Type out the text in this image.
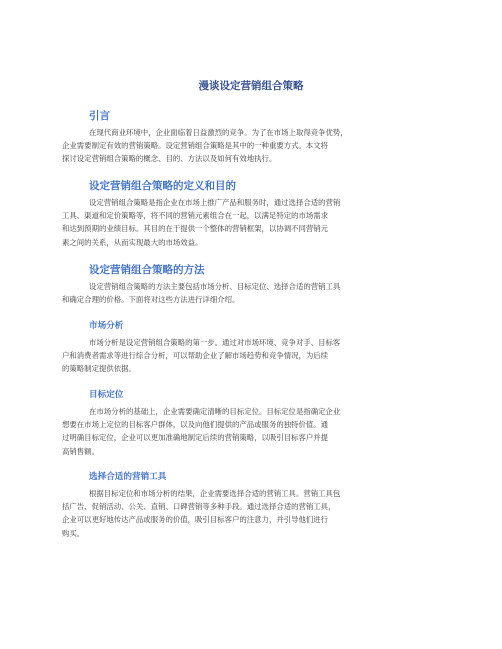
漫谈设定营销组合策略
引言
在现代商业环境中，企业面临着日益激烈的竞争。为了在市场上取得竞争优势，
企业需要制定有效的营销策略。设定营销组合策略是其中的一种重要方式。本文将
探讨设定营销组合策略的概念、目的、方法以及如何有效地执行。
设定营销组合策略的定义和目的
设定营销组合策略是指企业在市场上推广产品和服务时，通过选择合适的营销
工具、渠道和定价策略等，将不同的营销元素组合在一起，以满足特定的市场需求
和达到预期的业绩目标。其目的在于提供一个整体的营销框架，以协调不同营销元
素之间的关系，从而实现最大的市场效益。
设定营销组合策略的方法
设定营销组合策略的方法主要包括市场分析、目标定位、选择合适的营销工具
和确定合理的价格。下面将对这些方法进行详细介绍。
市场分析
市场分析是设定营销组合策略的第一步。通过对市场环境、竞争对手、目标客
户和消费者需求等进行综合分析，可以帮助企业了解市场趋势和竞争情况，为后续
的策略制定提供依据。
目标定位
在市场分析的基础上，企业需要确定清晰的目标定位。目标定位是指确定企业
想要在市场上定位的目标客户群体，以及向他们提供的产品或服务的独特价值。通
过明确目标定位，企业可以更加准确地制定后续的营销策略，以吸引目标客户并提
高销售额。
选择合适的营销工具
根据目标定位和市场分析的结果，企业需要选择合适的营销工具。营销工具包
括广告、促销活动、公关、直销、口碑营销等多种手段。通过选择合适的营销工具，
企业可以更好地传达产品或服务的价值，吸引目标客户的注意力，并引导他们进行
购买。
